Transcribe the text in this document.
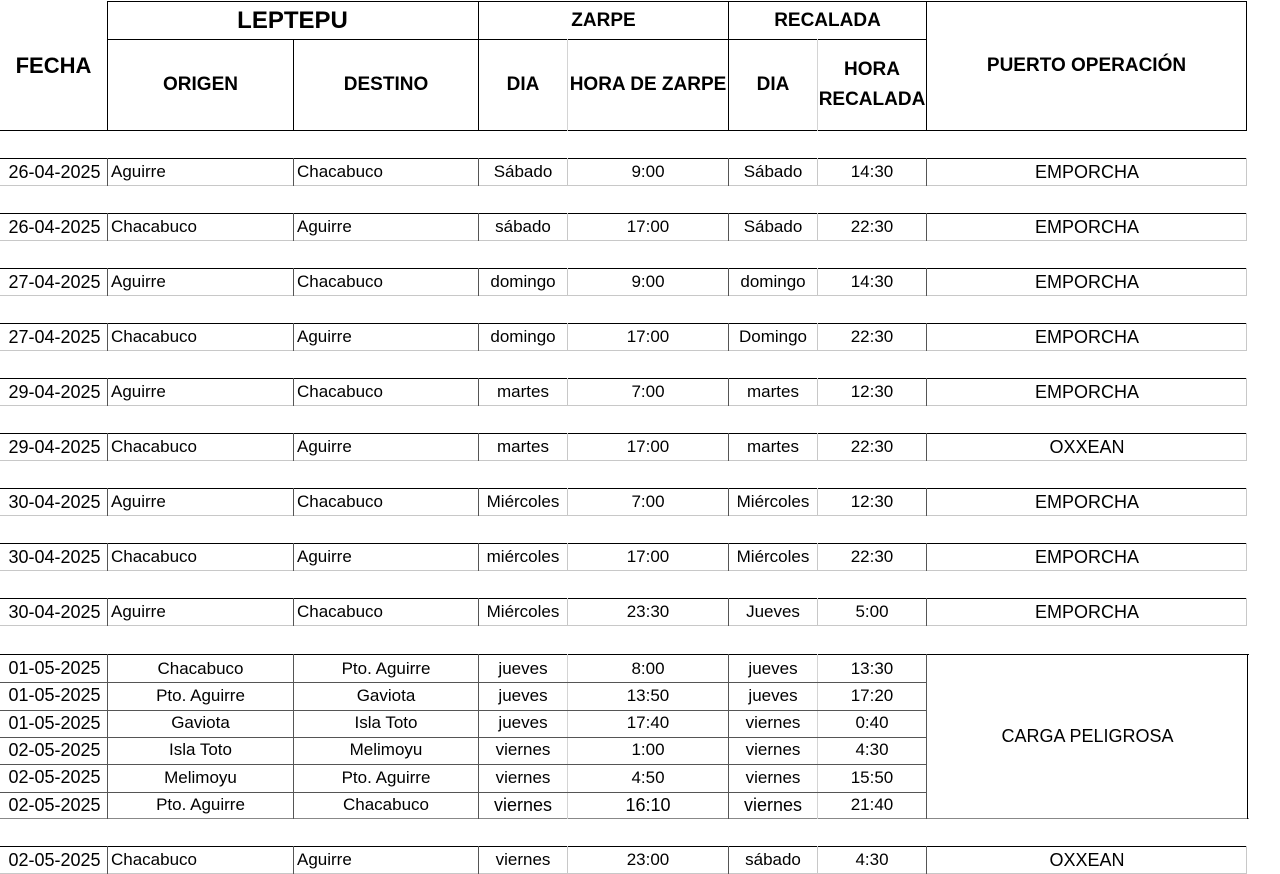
FECHA
LEPTEPU
ORIGEN	DESTINO
ZARPE	RECALADA
DIA	HORA DE ZARPE	DIA
HORA
RECALADA
PUERTO OPERACIÓN
26-04-2025 Aguirre	Chacabuco	Sábado	9:00	Sábado	14:30	EMPORCHA
26-04-2025 Chacabuco	Aguirre	sábado	17:00	Sábado	22:30	EMPORCHA
27-04-2025 Aguirre	Chacabuco	domingo	9:00	domingo	14:30	EMPORCHA
27-04-2025 Chacabuco	Aguirre	domingo	17:00	Domingo	22:30	EMPORCHA
29-04-2025 Aguirre	Chacabuco	martes	7:00	martes	12:30	EMPORCHA
29-04-2025 Chacabuco	Aguirre	martes	17:00	martes	22:30	OXXEAN
30-04-2025 Aguirre	Chacabuco	Miércoles	7:00	Miércoles	12:30	EMPORCHA
30-04-2025 Chacabuco	Aguirre	miércoles	17:00	Miércoles	22:30	EMPORCHA
30-04-2025 Aguirre	Chacabuco	Miércoles	23:30	Jueves	5:00	EMPORCHA
01-05-2025	Chacabuco	Pto. Aguirre	jueves	8:00	jueves	13:30
01-05-2025	Pto. Aguirre	Gaviota	jueves	13:50	jueves	17:20
01-05-2025	Gaviota	Isla Toto	jueves	17:40	viernes	0:40
02-05-2025	Isla Toto	Melimoyu	viernes	1:00	viernes	4:30
02-05-2025	Melimoyu	Pto. Aguirre	viernes	4:50	viernes	15:50
02-05-2025	Pto. Aguirre	Chacabuco	viernes	16:10	viernes	21:40
CARGA PELIGROSA
02-05-2025 Chacabuco	Aguirre	viernes	23:00	sábado	4:30	OXXEAN
